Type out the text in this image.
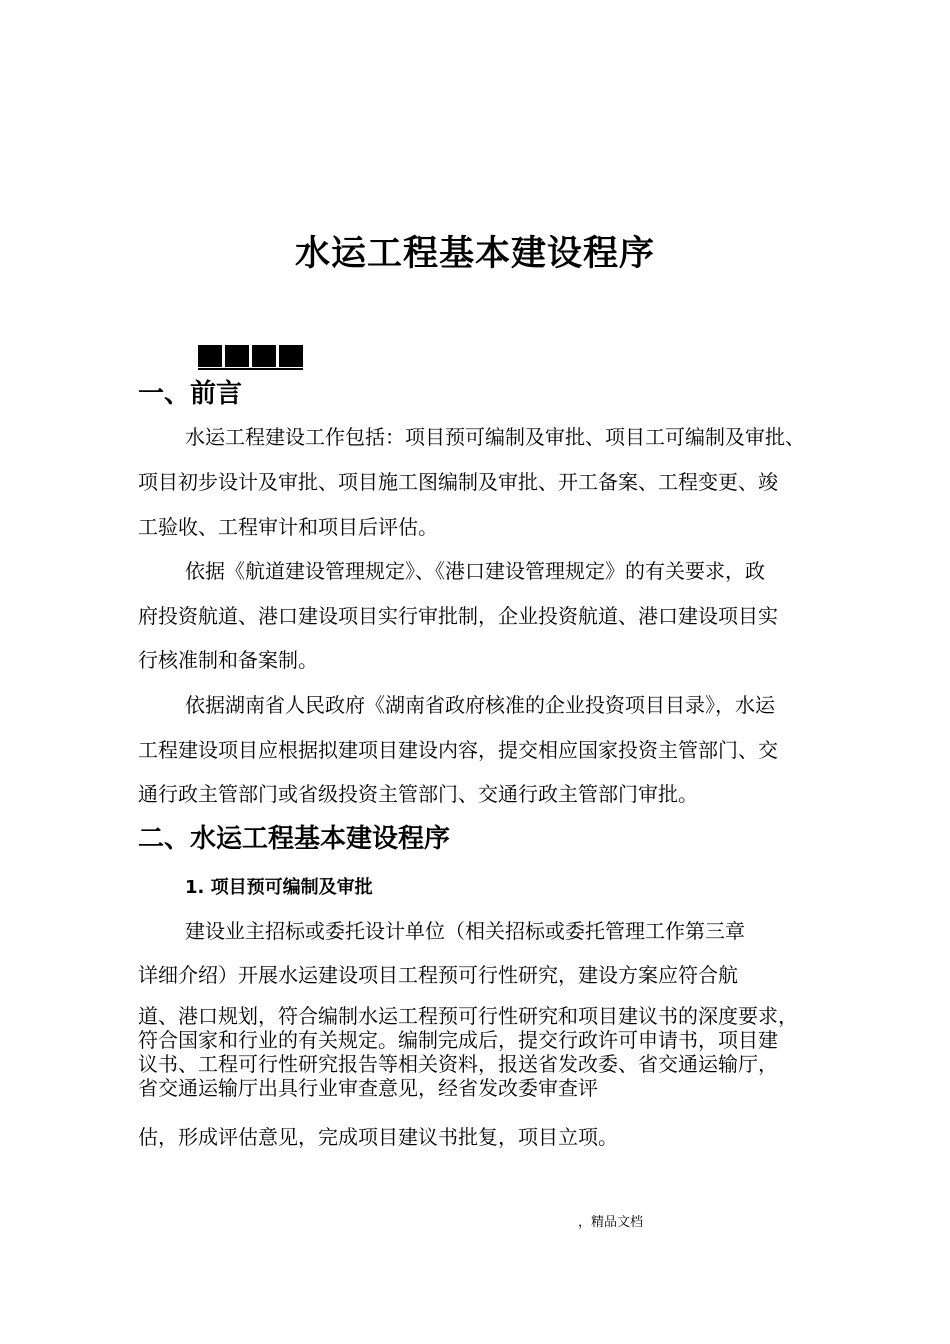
水运工程基本建设程序
一、前言
水运工程建设工作包括：项目预可编制及审批、项目工可编制及审批、
项目初步设计及审批、项目施工图编制及审批、开工备案、工程变更、竣
工验收、工程审计和项目后评估。
依据《航道建设管理规定》、《港口建设管理规定》的有关要求，政
府投资航道、港口建设项目实行审批制，企业投资航道、港口建设项目实
行核准制和备案制。
依据湖南省人民政府《湖南省政府核准的企业投资项目目录》，水运
工程建设项目应根据拟建项目建设内容，提交相应国家投资主管部门、交
通行政主管部门或省级投资主管部门、交通行政主管部门审批。
二、水运工程基本建设程序
1. 项目预可编制及审批
建设业主招标或委托设计单位（相关招标或委托管理工作第三章
详细介绍）开展水运建设项目工程预可行性研究，建设方案应符合航
道、港口规划，符合编制水运工程预可行性研究和项目建议书的深度要求，
符合国家和行业的有关规定。编制完成后，提交行政许可申请书，项目建
议书、工程可行性研究报告等相关资料，报送省发改委、省交通运输厅，
省交通运输厅出具行业审查意见，经省发改委审查评
估，形成评估意见，完成项目建议书批复，项目立项。
，精品文档
